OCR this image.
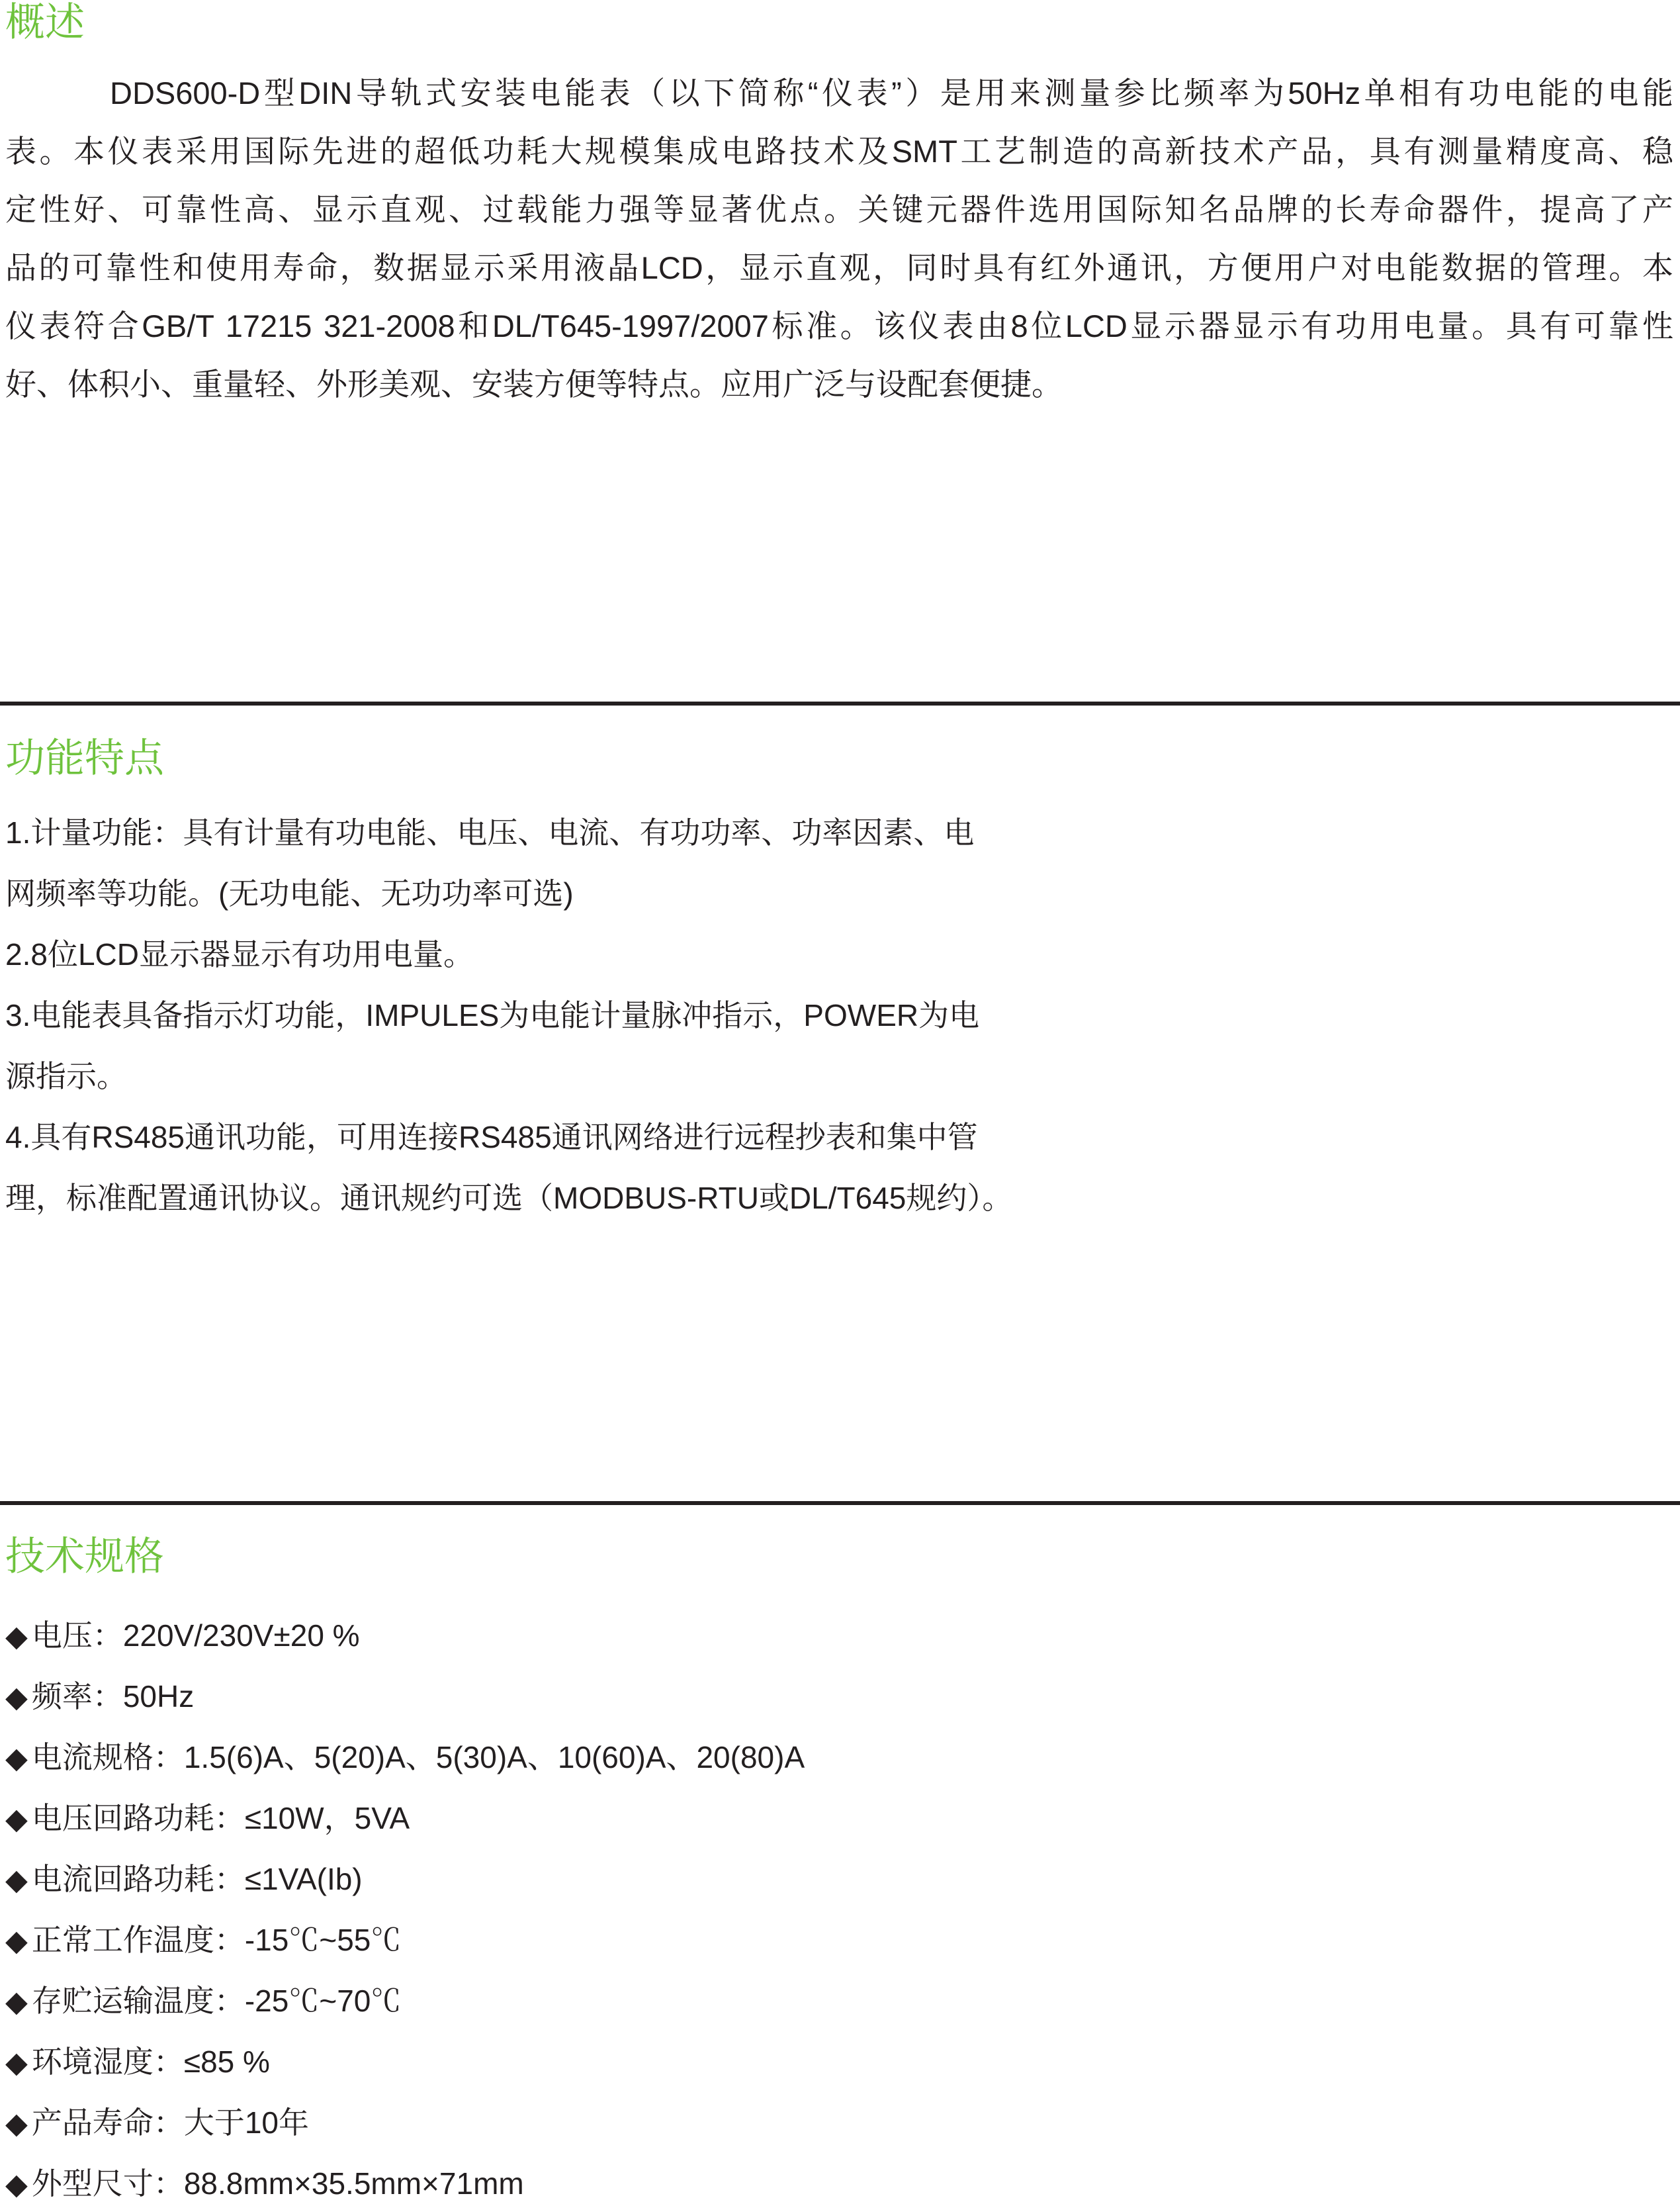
概述
DDS600-D型DIN导轨式安装电能表（以下简称“仪表”）是用来测量参比频率为50Hz单相有功电能的电能
表。本仪表采用国际先进的超低功耗大规模集成电路技术及SMT工艺制造的高新技术产品，具有测量精度高、稳
定性好、可靠性高、显示直观、过载能力强等显著优点。关键元器件选用国际知名品牌的长寿命器件，提高了产
品的可靠性和使用寿命，数据显示采用液晶LCD，显示直观，同时具有红外通讯，方便用户对电能数据的管理。本
仪表符合GB/T 17215 321-2008和DL/T645-1997/2007标准。该仪表由8位LCD显示器显示有功用电量。具有可靠性
好、体积小、重量轻、外形美观、安装方便等特点。应用广泛与设配套便捷。
功能特点
1.计量功能：具有计量有功电能、电压、电流、有功功率、功率因素、电
网频率等功能。(无功电能、无功功率可选)
2.8位LCD显示器显示有功用电量。
3.电能表具备指示灯功能，IMPULES为电能计量脉冲指示，POWER为电
源指示。
4.具有RS485通讯功能，可用连接RS485通讯网络进行远程抄表和集中管
理，标准配置通讯协议。通讯规约可选（MODBUS-RTU或DL/T645规约）。
技术规格
◆ 电压：220V/230V±20 %
◆ 频率：50Hz
◆ 电流规格：1.5(6)A、5(20)A、5(30)A、10(60)A、20(80)A
◆ 电压回路功耗：≤10W，5VA
◆ 电流回路功耗：≤1VA(Ib)
◆ 正常工作温度：-15℃~55℃
◆ 存贮运输温度：-25℃~70℃
◆ 环境湿度：≤85 %
◆ 产品寿命：大于10年
◆ 外型尺寸：88.8mm×35.5mm×71mm
